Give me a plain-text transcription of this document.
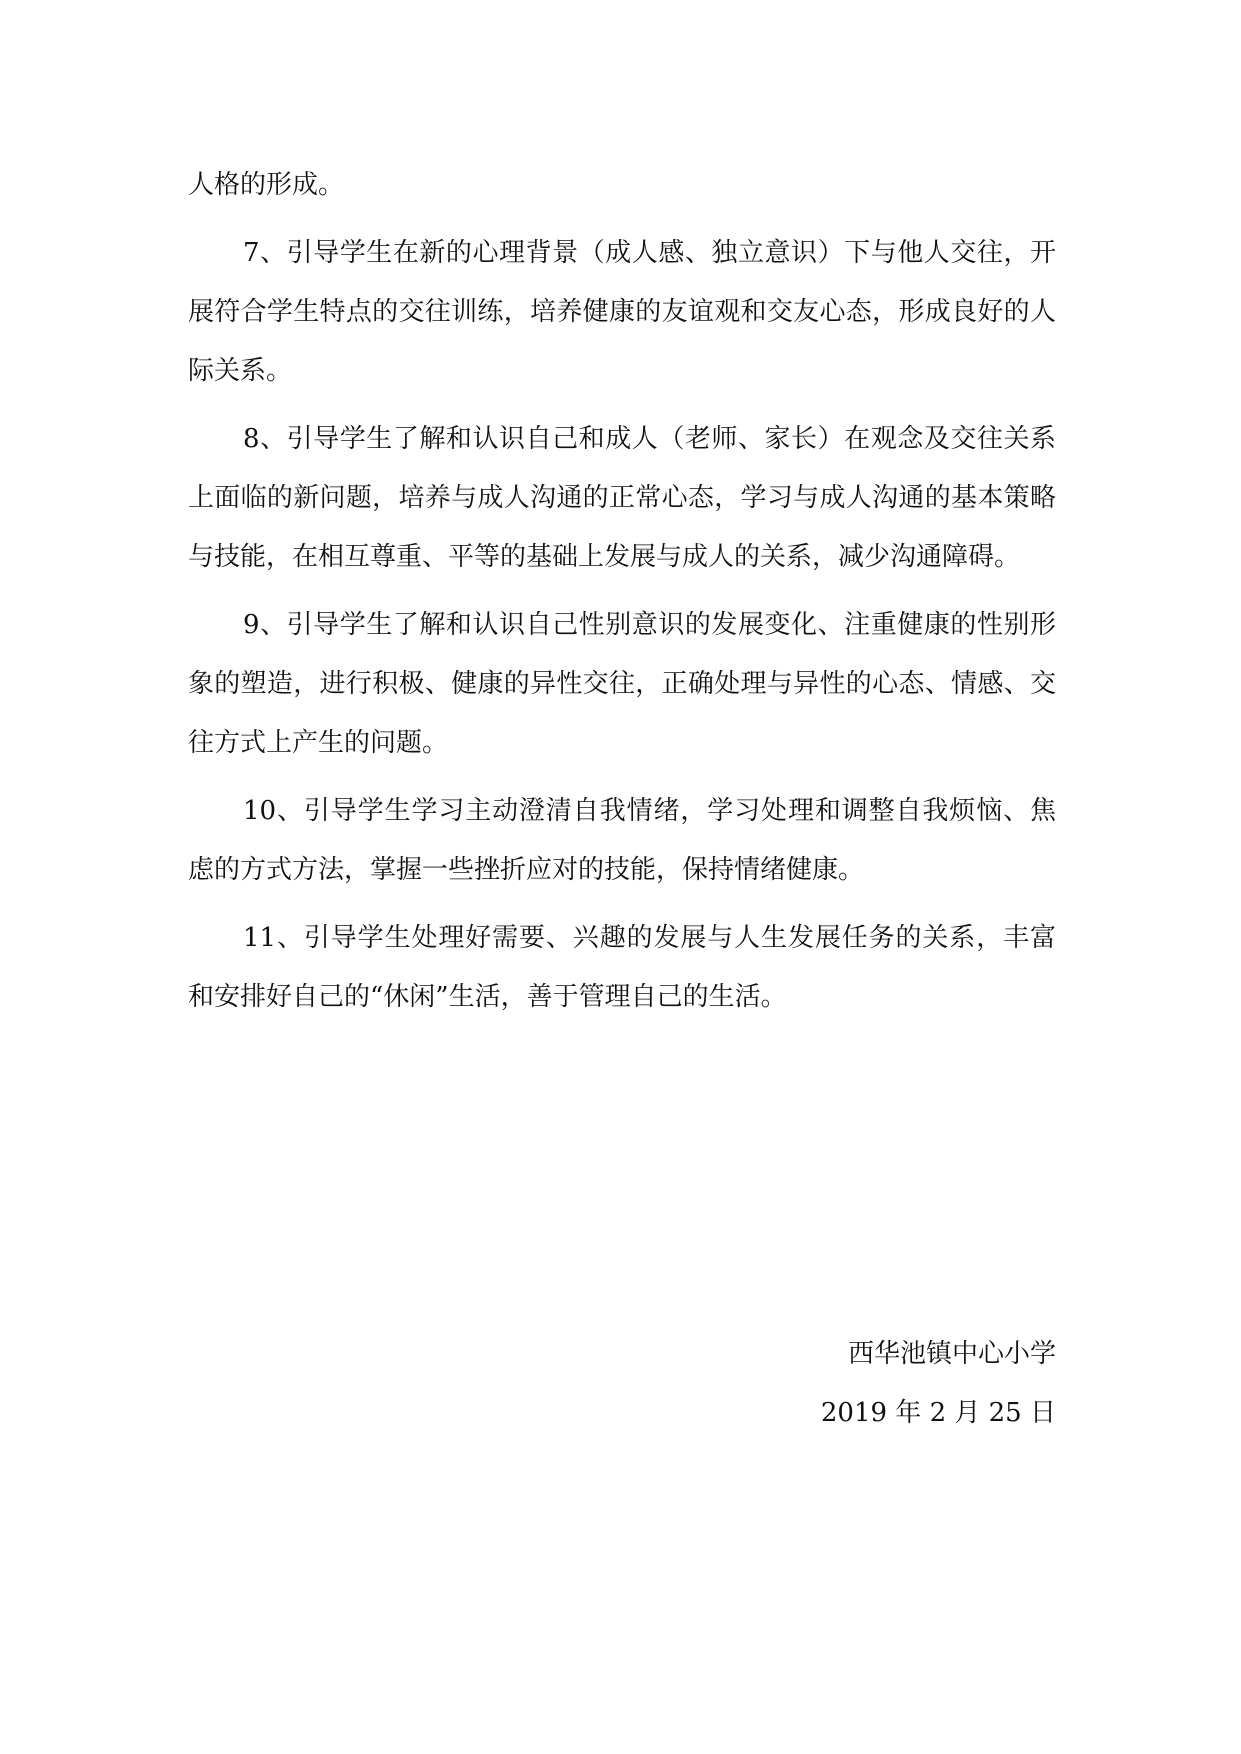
人格的形成。

7、引导学生在新的心理背景（成人感、独立意识）下与他人交往，开展符合学生特点的交往训练，培养健康的友谊观和交友心态，形成良好的人际关系。

8、引导学生了解和认识自己和成人（老师、家长）在观念及交往关系上面临的新问题，培养与成人沟通的正常心态，学习与成人沟通的基本策略与技能，在相互尊重、平等的基础上发展与成人的关系，减少沟通障碍。

9、引导学生了解和认识自己性别意识的发展变化、注重健康的性别形象的塑造，进行积极、健康的异性交往，正确处理与异性的心态、情感、交往方式上产生的问题。

10、引导学生学习主动澄清自我情绪，学习处理和调整自我烦恼、焦虑的方式方法，掌握一些挫折应对的技能，保持情绪健康。

11、引导学生处理好需要、兴趣的发展与人生发展任务的关系，丰富和安排好自己的“休闲”生活，善于管理自己的生活。

西华池镇中心小学

2019 年 2 月 25 日
